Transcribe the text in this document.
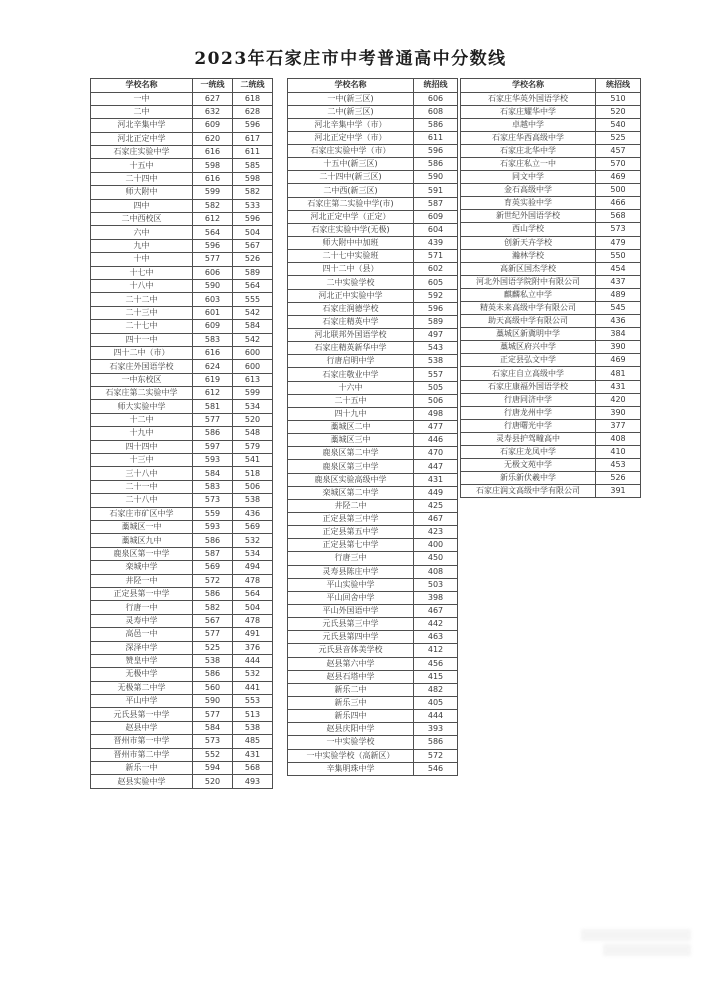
2023年石家庄市中考普通高中分数线
学校名称	一统线	二统线
一中	627	618
二中	632	628
河北辛集中学	609	596
河北正定中学	620	617
石家庄实验中学	616	611
十五中	598	585
二十四中	616	598
师大附中	599	582
四中	582	533
二中西校区	612	596
六中	564	504
九中	596	567
十中	577	526
十七中	606	589
十八中	590	564
二十二中	603	555
二十三中	601	542
二十七中	609	584
四十一中	583	542
四十二中（市）	616	600
石家庄外国语学校	624	600
一中东校区	619	613
石家庄第二实验中学	612	599
师大实验中学	581	534
十二中	577	520
十九中	586	548
四十四中	597	579
十三中	593	541
三十八中	584	518
二十一中	583	506
二十八中	573	538
石家庄市矿区中学	559	436
藁城区一中	593	569
藁城区九中	586	532
鹿泉区第一中学	587	534
栾城中学	569	494
井陉一中	572	478
正定县第一中学	586	564
行唐一中	582	504
灵寿中学	567	478
高邑一中	577	491
深泽中学	525	376
赞皇中学	538	444
无极中学	586	532
无极第二中学	560	441
平山中学	590	553
元氏县第一中学	577	513
赵县中学	584	538
晋州市第一中学	573	485
晋州市第二中学	552	431
新乐一中	594	568
赵县实验中学	520	493
学校名称	统招线
一中(新三区)	606
二中(新三区)	608
河北辛集中学（市）	586
河北正定中学（市）	611
石家庄实验中学（市）	596
十五中(新三区)	586
二十四中(新三区)	590
二中西(新三区)	591
石家庄第二实验中学(市)	587
河北正定中学（正定）	609
石家庄实验中学(无极)	604
师大附中中加班	439
二十七中实验班	571
四十二中（县）	602
二中实验学校	605
河北正中实验中学	592
石家庄润德学校	596
石家庄精英中学	589
河北联邦外国语学校	497
石家庄精英新华中学	543
行唐启明中学	538
石家庄敬业中学	557
十六中	505
二十五中	506
四十九中	498
藁城区二中	477
藁城区三中	446
鹿泉区第二中学	470
鹿泉区第三中学	447
鹿泉区实验高级中学	431
栾城区第二中学	449
井陉二中	425
正定县第三中学	467
正定县第五中学	423
正定县第七中学	400
行唐三中	450
灵寿县陈庄中学	408
平山实验中学	503
平山回舍中学	398
平山外国语中学	467
元氏县第三中学	442
元氏县第四中学	463
元氏县音体美学校	412
赵县第六中学	456
赵县石塔中学	415
新乐二中	482
新乐三中	405
新乐四中	444
赵县庆阳中学	393
一中实验学校	586
一中实验学校（高新区）	572
辛集明珠中学	546
学校名称	统招线
石家庄华英外国语学校	510
石家庄耀华中学	520
卓越中学	540
石家庄华西高级中学	525
石家庄北华中学	457
石家庄私立一中	570
同文中学	469
金石高级中学	500
育英实验中学	466
新世纪外国语学校	568
西山学校	573
创新天卉学校	479
瀚林学校	550
高新区国杰学校	454
河北外国语学院附中有限公司	437
麒麟私立中学	489
精英未来高级中学有限公司	545
助天高级中学有限公司	436
藁城区新冀明中学	384
藁城区府兴中学	390
正定县弘文中学	469
石家庄自立高级中学	481
石家庄康福外国语学校	431
行唐同济中学	420
行唐龙州中学	390
行唐曙光中学	377
灵寿县护驾疃高中	408
石家庄龙凤中学	410
无极文苑中学	453
新乐新伏羲中学	526
石家庄润文高级中学有限公司	391
